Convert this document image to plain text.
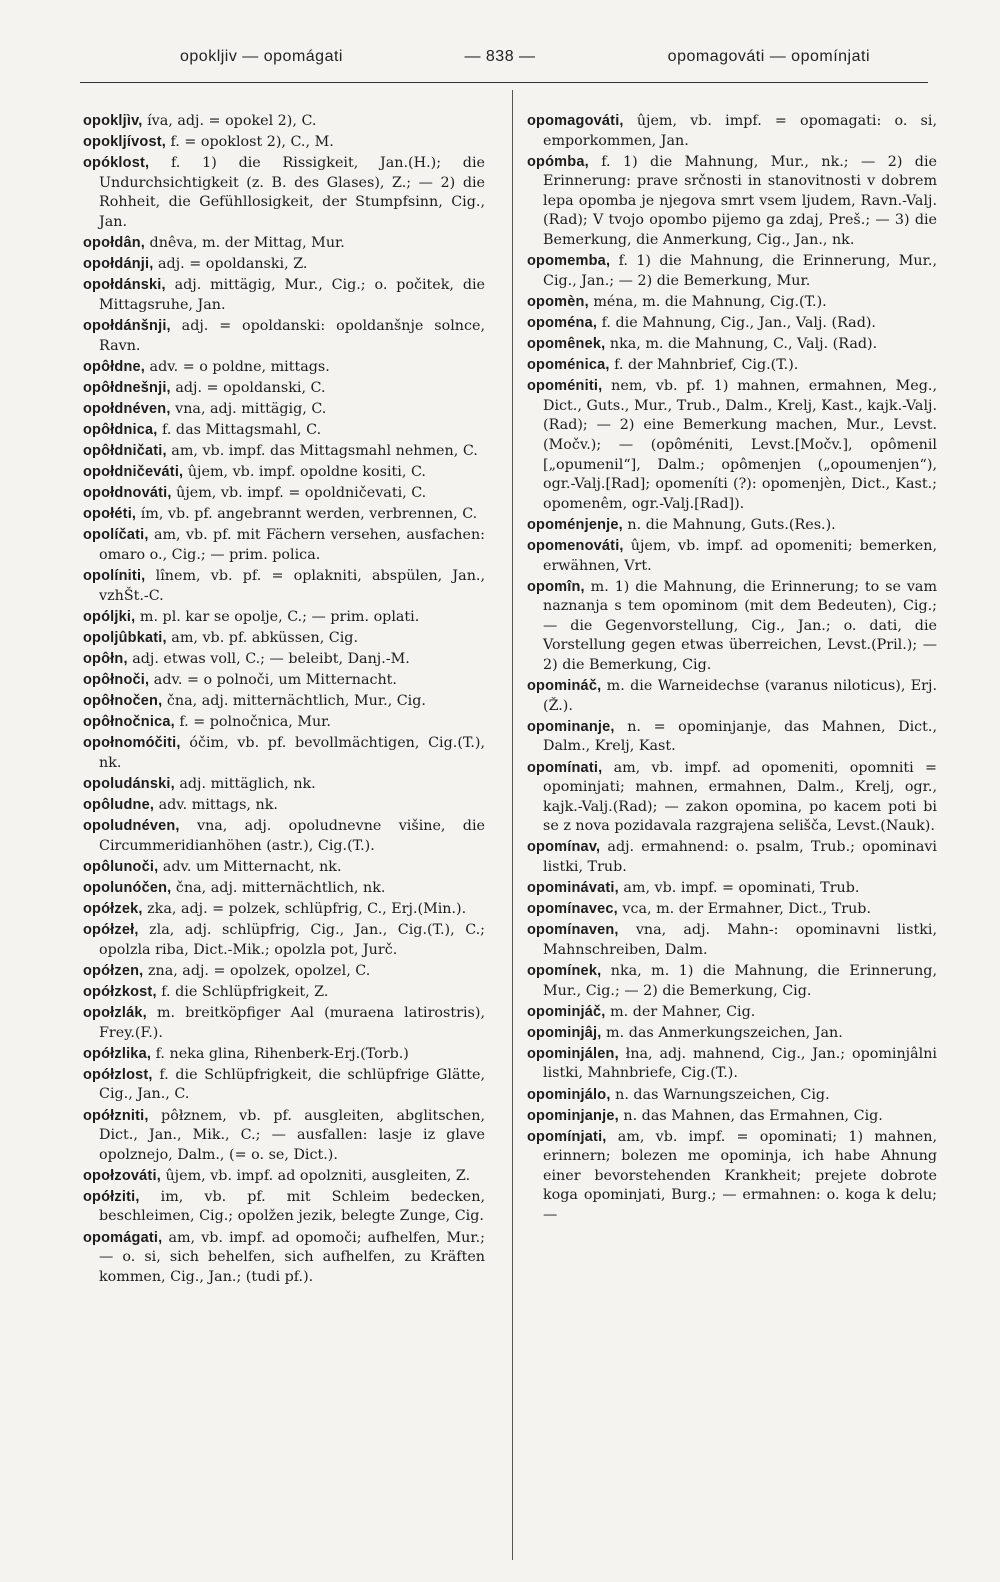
opokljiv — opomágati	— 838 —	opomagováti — opomínjati

opokljìv, íva, adj. = opokel 2), C.

opokljívost, f. = opoklost 2), C., M.

opóklost, f. 1) die Rissigkeit, Jan.(H.); die Undurchsichtigkeit (z. B. des Glases), Z.; — 2) die Rohheit, die Gefühllosigkeit, der Stumpfsinn, Cig., Jan.

opołdân, dnêva, m. der Mittag, Mur.

opołdánji, adj. = opoldanski, Z.

opołdánski, adj. mittägig, Mur., Cig.; o. počitek, die Mittagsruhe, Jan.

opołdánšnji, adj. = opoldanski: opoldanšnje solnce, Ravn.

opôłdne, adv. = o poldne, mittags.

opôłdnešnji, adj. = opoldanski, C.

opołdnéven, vna, adj. mittägig, C.

opôłdnica, f. das Mittagsmahl, C.

opôłdničati, am, vb. impf. das Mittagsmahl nehmen, C.

opołdničeváti, ûjem, vb. impf. opoldne kositi, C.

opołdnováti, ûjem, vb. impf. = opoldničevati, C.

opołéti, ím, vb. pf. angebrannt werden, verbrennen, C.

opolíčati, am, vb. pf. mit Fächern versehen, ausfachen: omaro o., Cig.; — prim. polica.

opolíniti, lînem, vb. pf. = oplakniti, abspülen, Jan., vzhŠt.-C.

opóljki, m. pl. kar se opolje, C.; — prim. oplati.

opoljûbkati, am, vb. pf. abküssen, Cig.

opôłn, adj. etwas voll, C.; — beleibt, Danj.-M.

opôłnoči, adv. = o polnoči, um Mitternacht.

opôłnočen, čna, adj. mitternächtlich, Mur., Cig.

opôłnočnica, f. = polnočnica, Mur.

opołnomóčiti, óčim, vb. pf. bevollmächtigen, Cig.(T.), nk.

opoludánski, adj. mittäglich, nk.

opôludne, adv. mittags, nk.

opoludnéven, vna, adj. opoludnevne višine, die Circummeridianhöhen (astr.), Cig.(T.).

opôlunoči, adv. um Mitternacht, nk.

opolunóčen, čna, adj. mitternächtlich, nk.

opółzek, zka, adj. = polzek, schlüpfrig, C., Erj.(Min.).

opółzeł, zla, adj. schlüpfrig, Cig., Jan., Cig.(T.), C.; opolzla riba, Dict.-Mik.; opolzla pot, Jurč.

opółzen, zna, adj. = opolzek, opolzel, C.

opółzkost, f. die Schlüpfrigkeit, Z.

opołzlák, m. breitköpfiger Aal (muraena latirostris), Frey.(F.).

opółzlika, f. neka glina, Rihenberk-Erj.(Torb.)

opółzlost, f. die Schlüpfrigkeit, die schlüpfrige Glätte, Cig., Jan., C.

opółzniti, pôłznem, vb. pf. ausgleiten, abglitschen, Dict., Jan., Mik., C.; — ausfallen: lasje iz glave opolznejo, Dalm., (= o. se, Dict.).

opołzováti, ûjem, vb. impf. ad opolzniti, ausgleiten, Z.

opółziti, im, vb. pf. mit Schleim bedecken, beschleimen, Cig.; opolžen jezik, belegte Zunge, Cig.

opomágati, am, vb. impf. ad opomoči; aufhelfen, Mur.; — o. si, sich behelfen, sich aufhelfen, zu Kräften kommen, Cig., Jan.; (tudi pf.).

opomagováti, ûjem, vb. impf. = opomagati: o. si, emporkommen, Jan.

opómba, f. 1) die Mahnung, Mur., nk.; — 2) die Erinnerung: prave srčnosti in stanovitnosti v dobrem lepa opomba je njegova smrt vsem ljudem, Ravn.-Valj.(Rad); V tvojo opombo pijemo ga zdaj, Preš.; — 3) die Bemerkung, die Anmerkung, Cig., Jan., nk.

opomemba, f. 1) die Mahnung, die Erinnerung, Mur., Cig., Jan.; — 2) die Bemerkung, Mur.

opomèn, ména, m. die Mahnung, Cig.(T.).

opoména, f. die Mahnung, Cig., Jan., Valj. (Rad).

opomênek, nka, m. die Mahnung, C., Valj. (Rad).

opoménica, f. der Mahnbrief, Cig.(T.).

opoméniti, nem, vb. pf. 1) mahnen, ermahnen, Meg., Dict., Guts., Mur., Trub., Dalm., Krelj, Kast., kajk.-Valj.(Rad); — 2) eine Bemerkung machen, Mur., Levst.(Močv.); — (opôméniti, Levst.[Močv.], opômenil [„opumenil“], Dalm.; opômenjen („opoumenjen“), ogr.-Valj.[Rad]; opomeníti (?): opomenjèn, Dict., Kast.; opomenêm, ogr.-Valj.[Rad]).

opoménjenje, n. die Mahnung, Guts.(Res.).

opomenováti, ûjem, vb. impf. ad opomeniti; bemerken, erwähnen, Vrt.

opomîn, m. 1) die Mahnung, die Erinnerung; to se vam naznanja s tem opominom (mit dem Bedeuten), Cig.; — die Gegenvorstellung, Cig., Jan.; o. dati, die Vorstellung gegen etwas überreichen, Levst.(Pril.); — 2) die Bemerkung, Cig.

opomináč, m. die Warneidechse (varanus niloticus), Erj.(Ž.).

opominanje, n. = opominjanje, das Mahnen, Dict., Dalm., Krelj, Kast.

opomínati, am, vb. impf. ad opomeniti, opomniti = opominjati; mahnen, ermahnen, Dalm., Krelj, ogr., kajk.-Valj.(Rad); — zakon opomina, po kacem poti bi se z nova pozidavala razgrajena selišča, Levst.(Nauk).

opomínav, adj. ermahnend: o. psalm, Trub.; opominavi listki, Trub.

opominávati, am, vb. impf. = opominati, Trub.

opomínavec, vca, m. der Ermahner, Dict., Trub.

opomínaven, vna, adj. Mahn-: opominavni listki, Mahnschreiben, Dalm.

opomínek, nka, m. 1) die Mahnung, die Erinnerung, Mur., Cig.; — 2) die Bemerkung, Cig.

opominjáč, m. der Mahner, Cig.

opominjâj, m. das Anmerkungszeichen, Jan.

opominjálen, łna, adj. mahnend, Cig., Jan.; opominjâlni listki, Mahnbriefe, Cig.(T.).

opominjálo, n. das Warnungszeichen, Cig.

opominjanje, n. das Mahnen, das Ermahnen, Cig.

opomínjati, am, vb. impf. = opominati; 1) mahnen, erinnern; bolezen me opominja, ich habe Ahnung einer bevorstehenden Krankheit; prejete dobrote koga opominjati, Burg.; — ermahnen: o. koga k delu; —
